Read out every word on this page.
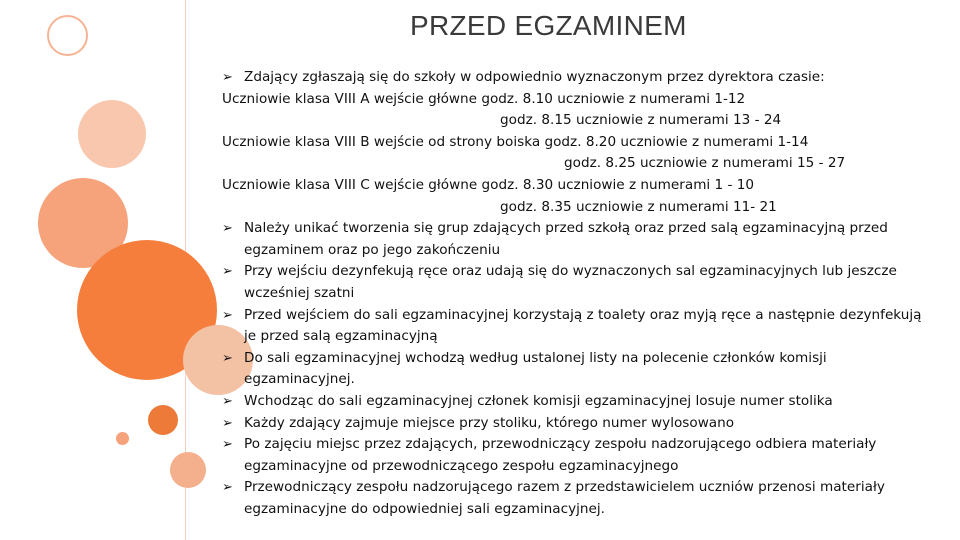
PRZED EGZAMINEM
➢ Zdający zgłaszają się do szkoły w odpowiednio wyznaczonym przez dyrektora czasie:
Uczniowie klasa VIII A wejście główne godz. 8.10 uczniowie z numerami 1-12
godz. 8.15 uczniowie z numerami 13 - 24
Uczniowie klasa VIII B wejście od strony boiska godz. 8.20 uczniowie z numerami 1-14
godz. 8.25 uczniowie z numerami 15 - 27
Uczniowie klasa VIII C wejście główne godz. 8.30 uczniowie z numerami 1 - 10
godz. 8.35 uczniowie z numerami 11- 21
➢ Należy unikać tworzenia się grup zdających przed szkołą oraz przed salą egzaminacyjną przed
egzaminem oraz po jego zakończeniu
➢ Przy wejściu dezynfekują ręce oraz udają się do wyznaczonych sal egzaminacyjnych lub jeszcze
wcześniej szatni
➢ Przed wejściem do sali egzaminacyjnej korzystają z toalety oraz myją ręce a następnie dezynfekują
je przed salą egzaminacyjną
➢ Do sali egzaminacyjnej wchodzą według ustalonej listy na polecenie członków komisji
egzaminacyjnej.
➢ Wchodząc do sali egzaminacyjnej członek komisji egzaminacyjnej losuje numer stolika
➢ Każdy zdający zajmuje miejsce przy stoliku, którego numer wylosowano
➢ Po zajęciu miejsc przez zdających, przewodniczący zespołu nadzorującego odbiera materiały
egzaminacyjne od przewodniczącego zespołu egzaminacyjnego
➢ Przewodniczący zespołu nadzorującego razem z przedstawicielem uczniów przenosi materiały
egzaminacyjne do odpowiedniej sali egzaminacyjnej.
